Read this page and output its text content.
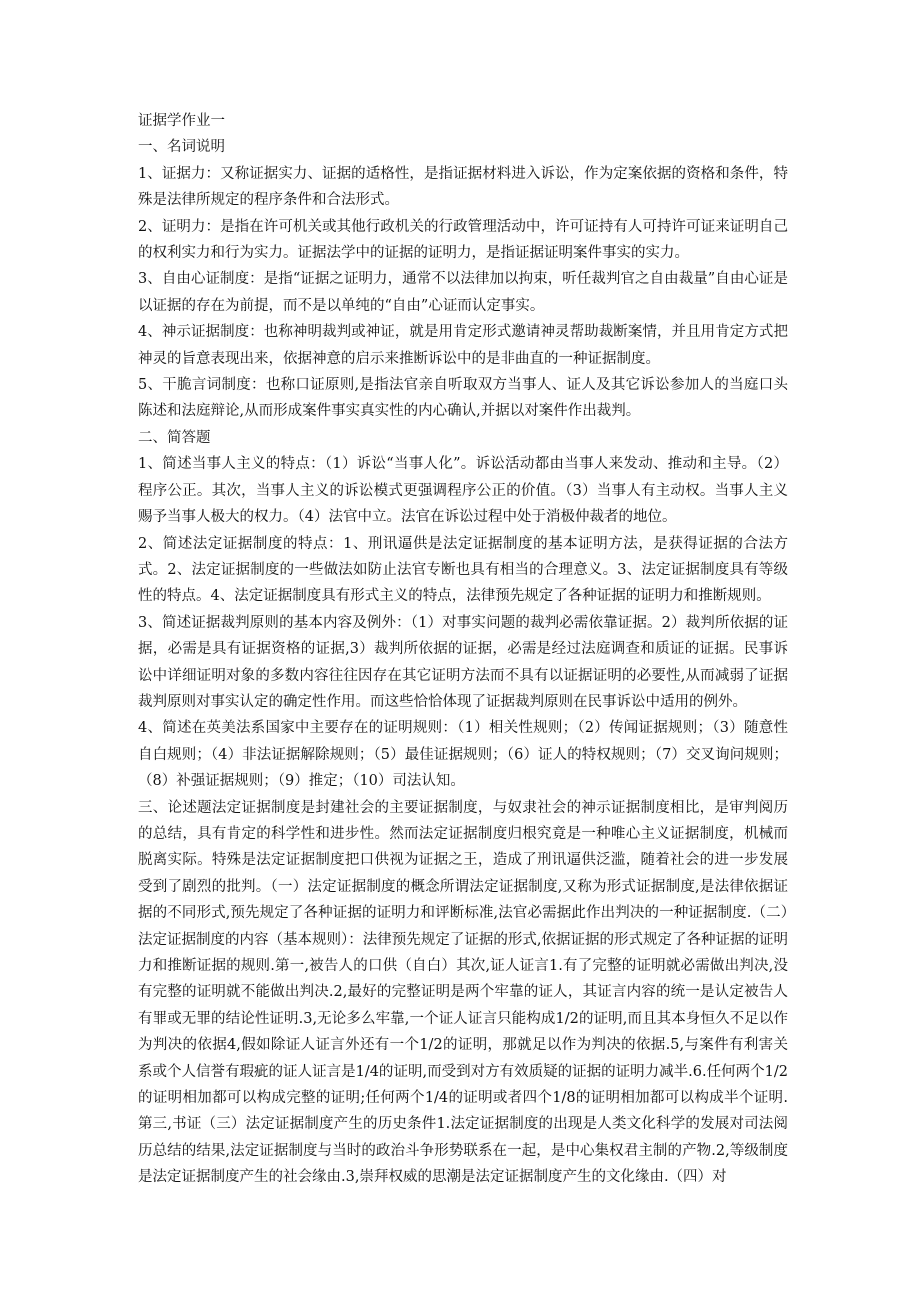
证据学作业一

一、名词说明

1、证据力：又称证据实力、证据的适格性，是指证据材料进入诉讼，作为定案依据的资格和条件，特殊是法律所规定的程序条件和合法形式。

2、证明力：是指在许可机关或其他行政机关的行政管理活动中，许可证持有人可持许可证来证明自己的权利实力和行为实力。证据法学中的证据的证明力，是指证据证明案件事实的实力。

3、自由心证制度：是指“证据之证明力，通常不以法律加以拘束，听任裁判官之自由裁量”自由心证是以证据的存在为前提，而不是以单纯的“自由”心证而认定事实。

4、神示证据制度：也称神明裁判或神证，就是用肯定形式邀请神灵帮助裁断案情，并且用肯定方式把神灵的旨意表现出来，依据神意的启示来推断诉讼中的是非曲直的一种证据制度。

5、干脆言词制度：也称口证原则,是指法官亲自听取双方当事人、证人及其它诉讼参加人的当庭口头陈述和法庭辩论,从而形成案件事实真实性的内心确认,并据以对案件作出裁判。

二、简答题

1、简述当事人主义的特点：（1）诉讼“当事人化”。诉讼活动都由当事人来发动、推动和主导。（2）程序公正。其次，当事人主义的诉讼模式更强调程序公正的价值。（3）当事人有主动权。当事人主义赐予当事人极大的权力。（4）法官中立。法官在诉讼过程中处于消极仲裁者的地位。

2、简述法定证据制度的特点：1、刑讯逼供是法定证据制度的基本证明方法，是获得证据的合法方式。2、法定证据制度的一些做法如防止法官专断也具有相当的合理意义。3、法定证据制度具有等级性的特点。4、法定证据制度具有形式主义的特点，法律预先规定了各种证据的证明力和推断规则。

3、简述证据裁判原则的基本内容及例外：（1）对事实问题的裁判必需依靠证据。2）裁判所依据的证据，必需是具有证据资格的证据,3）裁判所依据的证据，必需是经过法庭调查和质证的证据。民事诉讼中详细证明对象的多数内容往往因存在其它证明方法而不具有以证据证明的必要性,从而减弱了证据裁判原则对事实认定的确定性作用。而这些恰恰体现了证据裁判原则在民事诉讼中适用的例外。

4、简述在英美法系国家中主要存在的证明规则：（1）相关性规则；（2）传闻证据规则；（3）随意性自白规则；（4）非法证据解除规则；（5）最佳证据规则；（6）证人的特权规则；（7）交叉询问规则；（8）补强证据规则；（9）推定；（10）司法认知。

三、论述题法定证据制度是封建社会的主要证据制度，与奴隶社会的神示证据制度相比，是审判阅历的总结，具有肯定的科学性和进步性。然而法定证据制度归根究竟是一种唯心主义证据制度，机械而脱离实际。特殊是法定证据制度把口供视为证据之王，造成了刑讯逼供泛滥，随着社会的进一步发展受到了剧烈的批判。（一）法定证据制度的概念所谓法定证据制度,又称为形式证据制度,是法律依据证据的不同形式,预先规定了各种证据的证明力和评断标准,法官必需据此作出判决的一种证据制度.（二）法定证据制度的内容（基本规则）：法律预先规定了证据的形式,依据证据的形式规定了各种证据的证明力和推断证据的规则.第一,被告人的口供（自白）其次,证人证言1.有了完整的证明就必需做出判决,没有完整的证明就不能做出判决.2,最好的完整证明是两个牢靠的证人，其证言内容的统一是认定被告人有罪或无罪的结论性证明.3,无论多么牢靠,一个证人证言只能构成1/2的证明,而且其本身恒久不足以作为判决的依据4,假如除证人证言外还有一个1/2的证明，那就足以作为判决的依据.5,与案件有利害关系或个人信誉有瑕疵的证人证言是1/4的证明,而受到对方有效质疑的证据的证明力减半.6.任何两个1/2的证明相加都可以构成完整的证明;任何两个1/4的证明或者四个1/8的证明相加都可以构成半个证明.第三,书证（三）法定证据制度产生的历史条件1.法定证据制度的出现是人类文化科学的发展对司法阅历总结的结果,法定证据制度与当时的政治斗争形势联系在一起，是中心集权君主制的产物.2,等级制度是法定证据制度产生的社会缘由.3,崇拜权威的思潮是法定证据制度产生的文化缘由.（四）对
